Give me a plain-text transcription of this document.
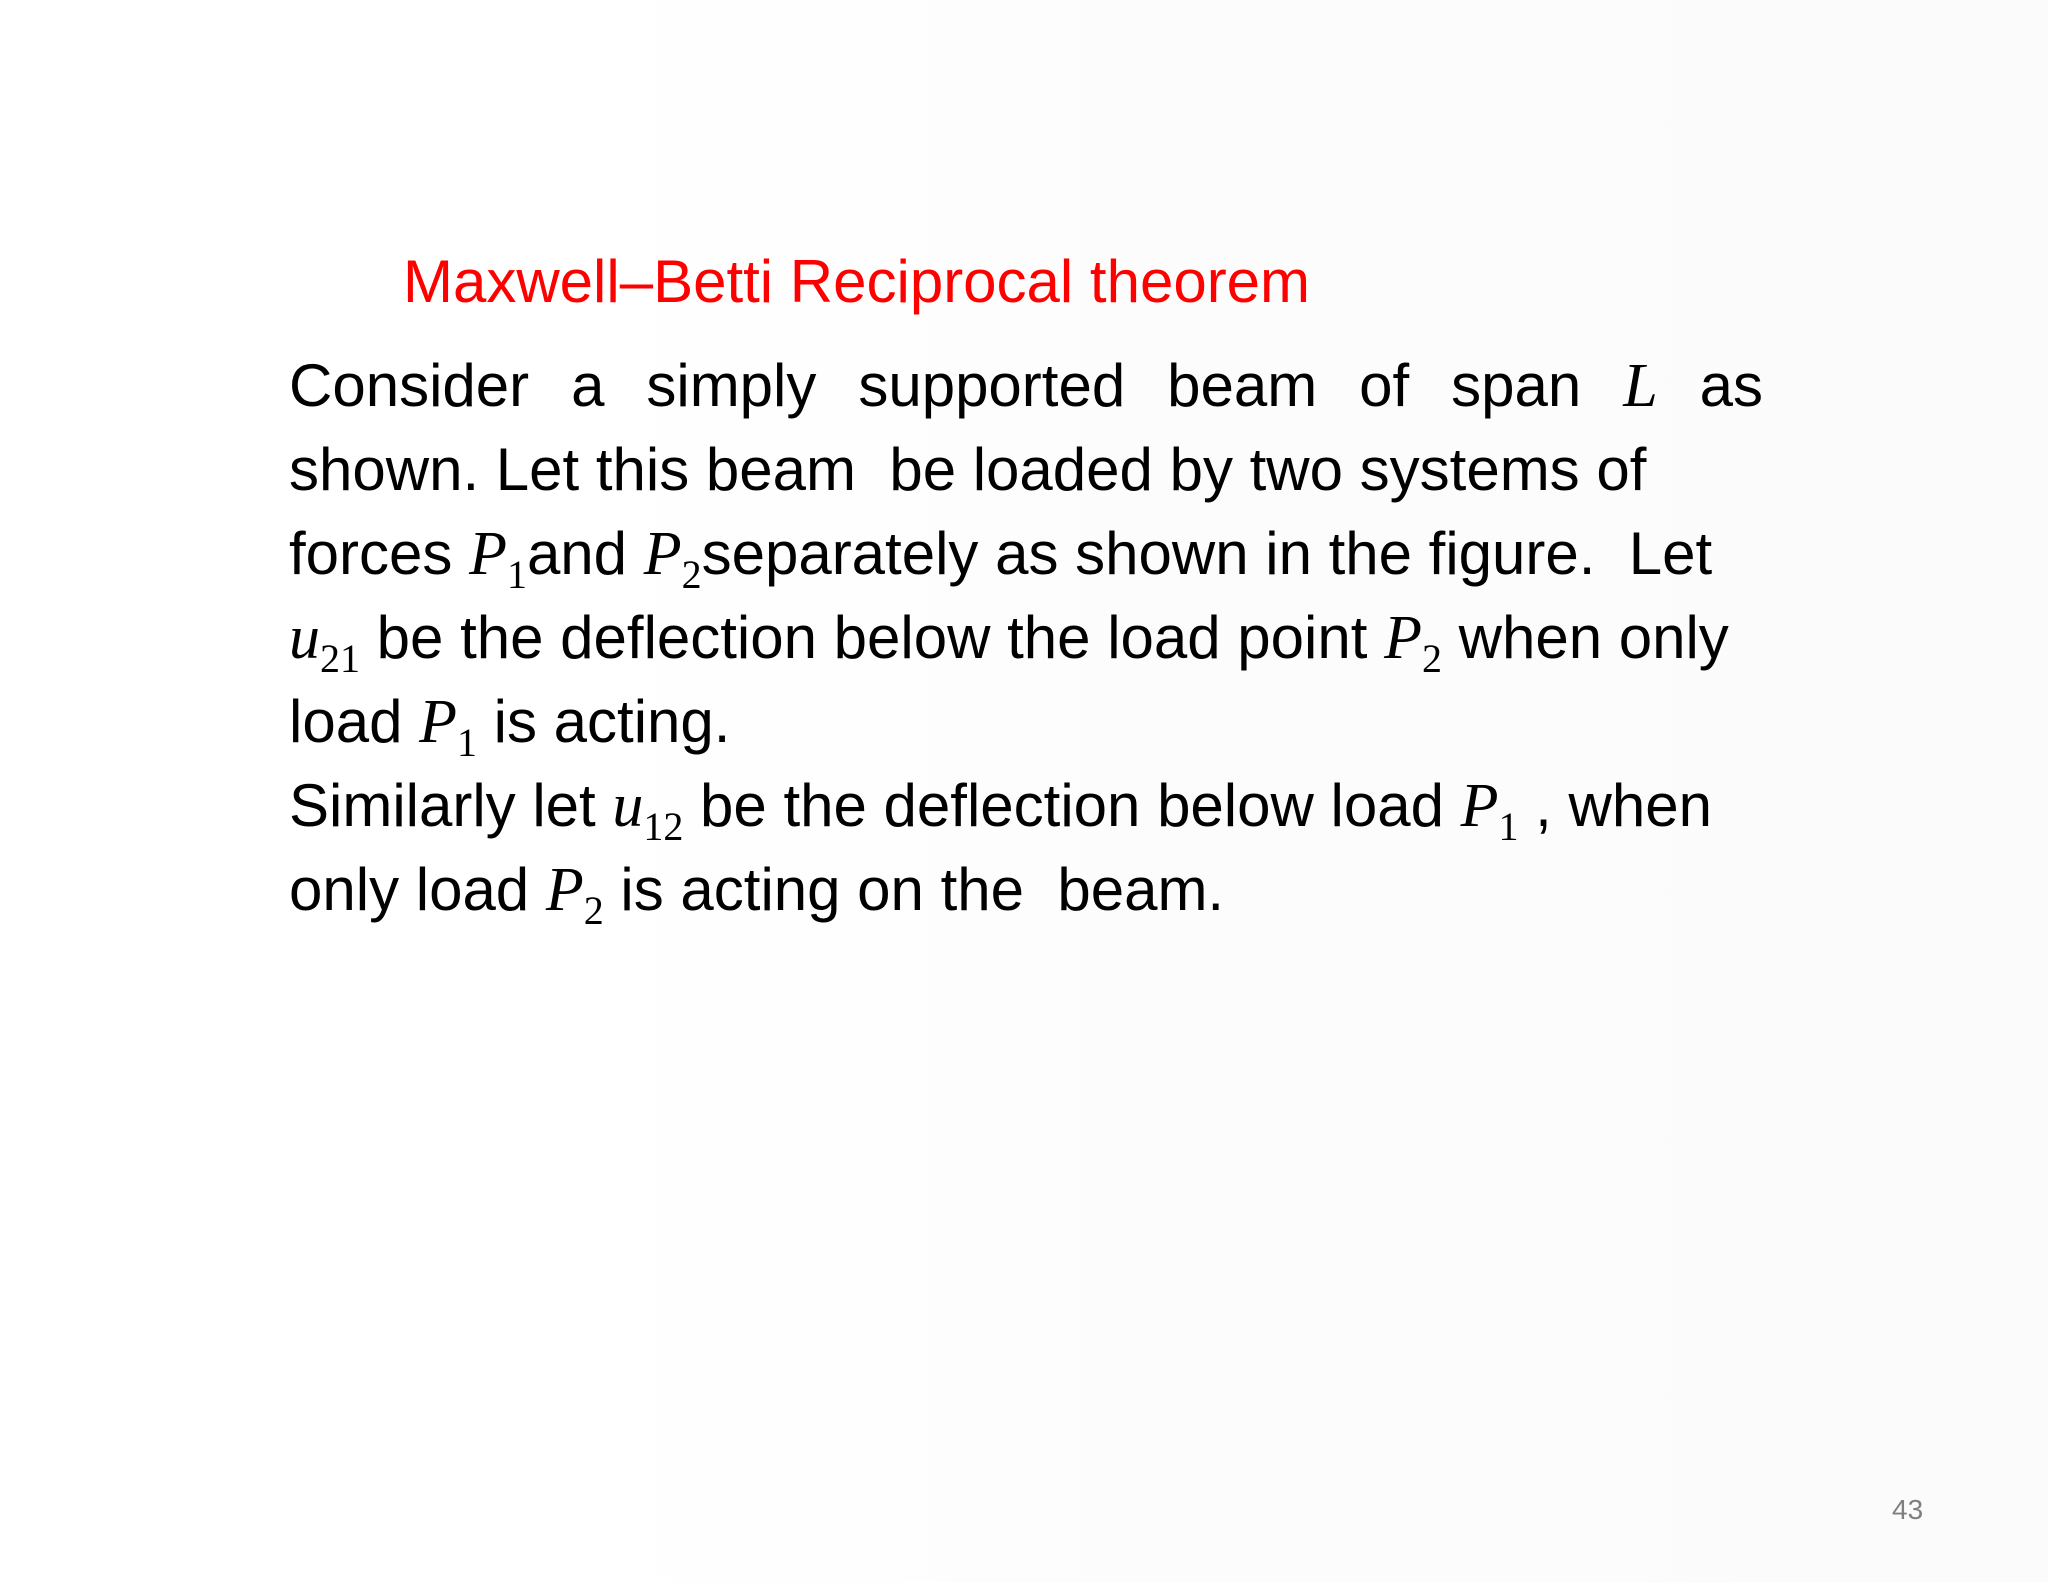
Maxwell–Betti Reciprocal theorem
Consider a simply supported beam of span L as
shown. Let this beam  be loaded by two systems of
forces $P_1and$ $P_2separately$ as shown in the figure.  Let
$u_{21}$ be the deflection below the load point $P_2$ when only
load $P_1$ is acting.
Similarly let $u_{12}$ be the deflection below load $P_1$ , when
only load $P_2$ is acting on the  beam.
43
